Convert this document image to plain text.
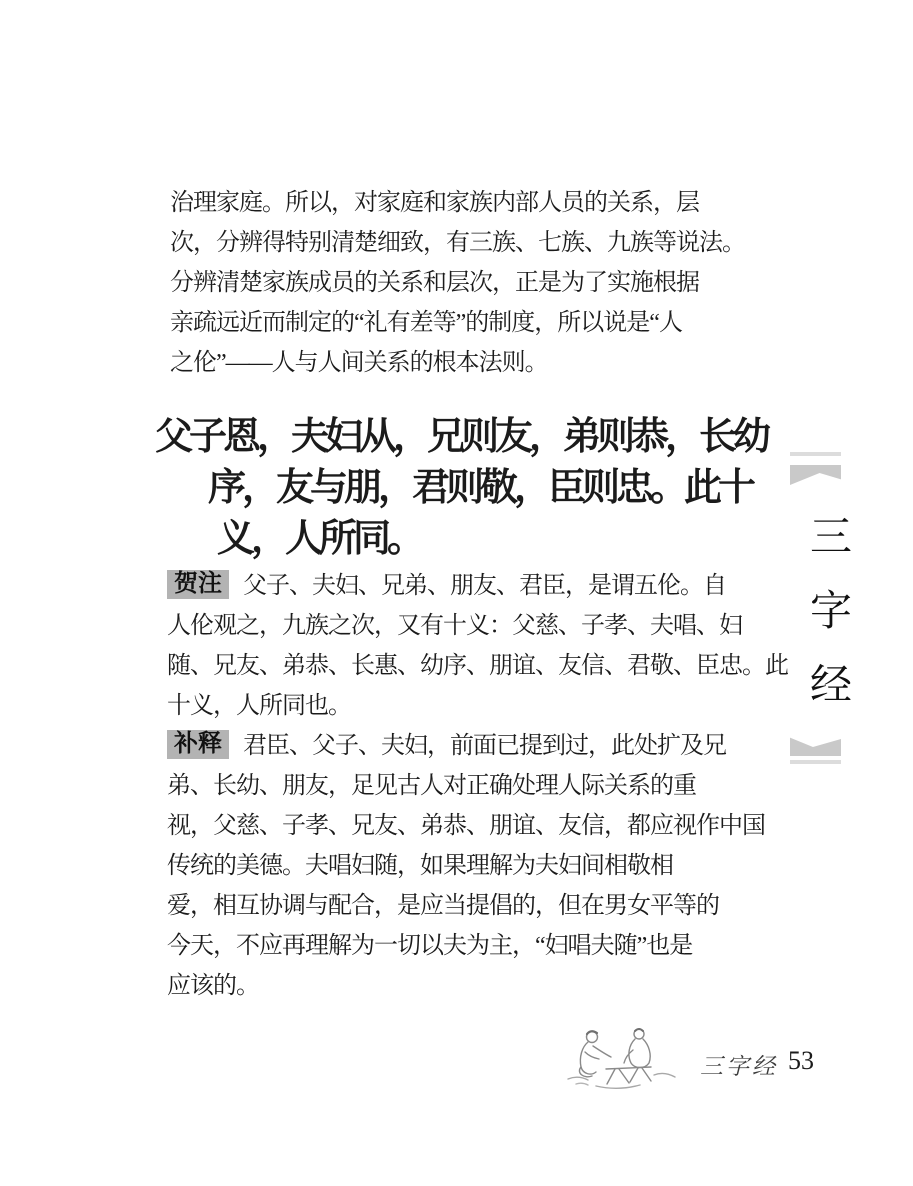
治理家庭。所以，对家庭和家族内部人员的关系，层
次，分辨得特别清楚细致，有三族、七族、九族等说法。
分辨清楚家族成员的关系和层次，正是为了实施根据
亲疏远近而制定的“礼有差等”的制度，所以说是“人
之伦”——人与人间关系的根本法则。
父子恩，夫妇从，兄则友，弟则恭，长幼
序，友与朋，君则敬，臣则忠。此十
义，人所同。
贺注 父子、夫妇、兄弟、朋友、君臣，是谓五伦。自
人伦观之，九族之次，又有十义：父慈、子孝、夫唱、妇
随、兄友、弟恭、长惠、幼序、朋谊、友信、君敬、臣忠。此
十义，人所同也。
补释 君臣、父子、夫妇，前面已提到过，此处扩及兄
弟、长幼、朋友，足见古人对正确处理人际关系的重
视，父慈、子孝、兄友、弟恭、朋谊、友信，都应视作中国
传统的美德。夫唱妇随，如果理解为夫妇间相敬相
爱，相互协调与配合，是应当提倡的，但在男女平等的
今天，不应再理解为一切以夫为主，“妇唱夫随”也是
应该的。
三字经
三字经 53
